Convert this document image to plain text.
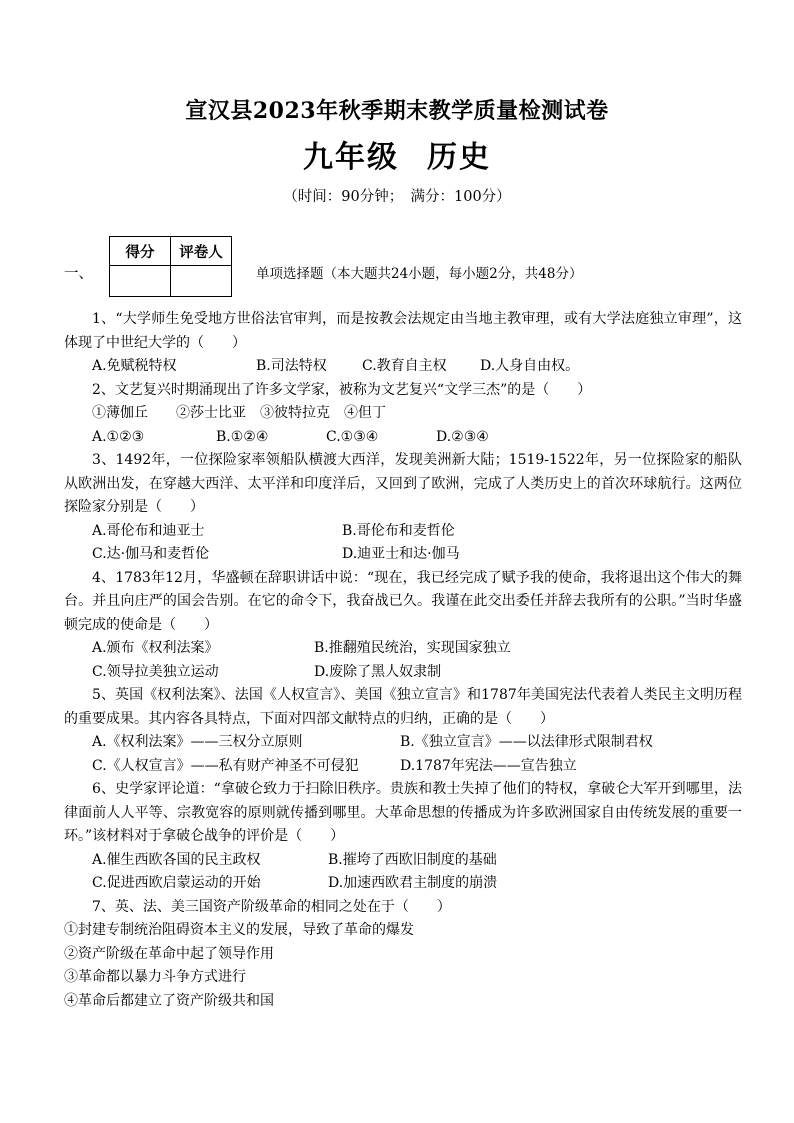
宣汉县2023年秋季期末教学质量检测试卷
九年级 历史
（时间：90分钟；　满分：100分）
一、
得分	评卷人

单项选择题（本大题共24小题，每小题2分，共48分）

1、“大学师生免受地方世俗法官审判，而是按教会法规定由当地主教审理，或有大学法庭独立审理”，这体现了中世纪大学的（　　）

A.免赋税特权	B.司法特权	C.教育自主权	D.人身自由权。

2、文艺复兴时期涌现出了许多文学家，被称为文艺复兴“文学三杰”的是（　　）

①薄伽丘　　②莎士比亚　③彼特拉克　④但丁

A.①②③	B.①②④	C.①③④	D.②③④

3、1492年，一位探险家率领船队横渡大西洋，发现美洲新大陆；1519-1522年，另一位探险家的船队从欧洲出发，在穿越大西洋、太平洋和印度洋后，又回到了欧洲，完成了人类历史上的首次环球航行。这两位探险家分别是（　　）

A.哥伦布和迪亚士	B.哥伦布和麦哲伦
C.达·伽马和麦哲伦	D.迪亚士和达·伽马

4、1783年12月，华盛顿在辞职讲话中说：“现在，我已经完成了赋予我的使命，我将退出这个伟大的舞台。并且向庄严的国会告别。在它的命令下，我奋战已久。我谨在此交出委任并辞去我所有的公职。”当时华盛顿完成的使命是（　　）

A.颁布《权利法案》	B.推翻殖民统治，实现国家独立
C.领导拉美独立运动	D.废除了黑人奴隶制

5、英国《权利法案》、法国《人权宣言》、美国《独立宣言》和1787年美国宪法代表着人类民主文明历程的重要成果。其内容各具特点，下面对四部文献特点的归纳，正确的是（　　）

A.《权利法案》——三权分立原则	B.《独立宣言》——以法律形式限制君权
C.《人权宣言》——私有财产神圣不可侵犯	D.1787年宪法——宣告独立

6、史学家评论道：“拿破仑致力于扫除旧秩序。贵族和教士失掉了他们的特权，拿破仑大军开到哪里，法律面前人人平等、宗教宽容的原则就传播到哪里。大革命思想的传播成为许多欧洲国家自由传统发展的重要一环。”该材料对于拿破仑战争的评价是（　　）

A.催生西欧各国的民主政权	B.摧垮了西欧旧制度的基础
C.促进西欧启蒙运动的开始	D.加速西欧君主制度的崩溃

7、英、法、美三国资产阶级革命的相同之处在于（　　）

①封建专制统治阻碍资本主义的发展，导致了革命的爆发

②资产阶级在革命中起了领导作用

③革命都以暴力斗争方式进行

④革命后都建立了资产阶级共和国
